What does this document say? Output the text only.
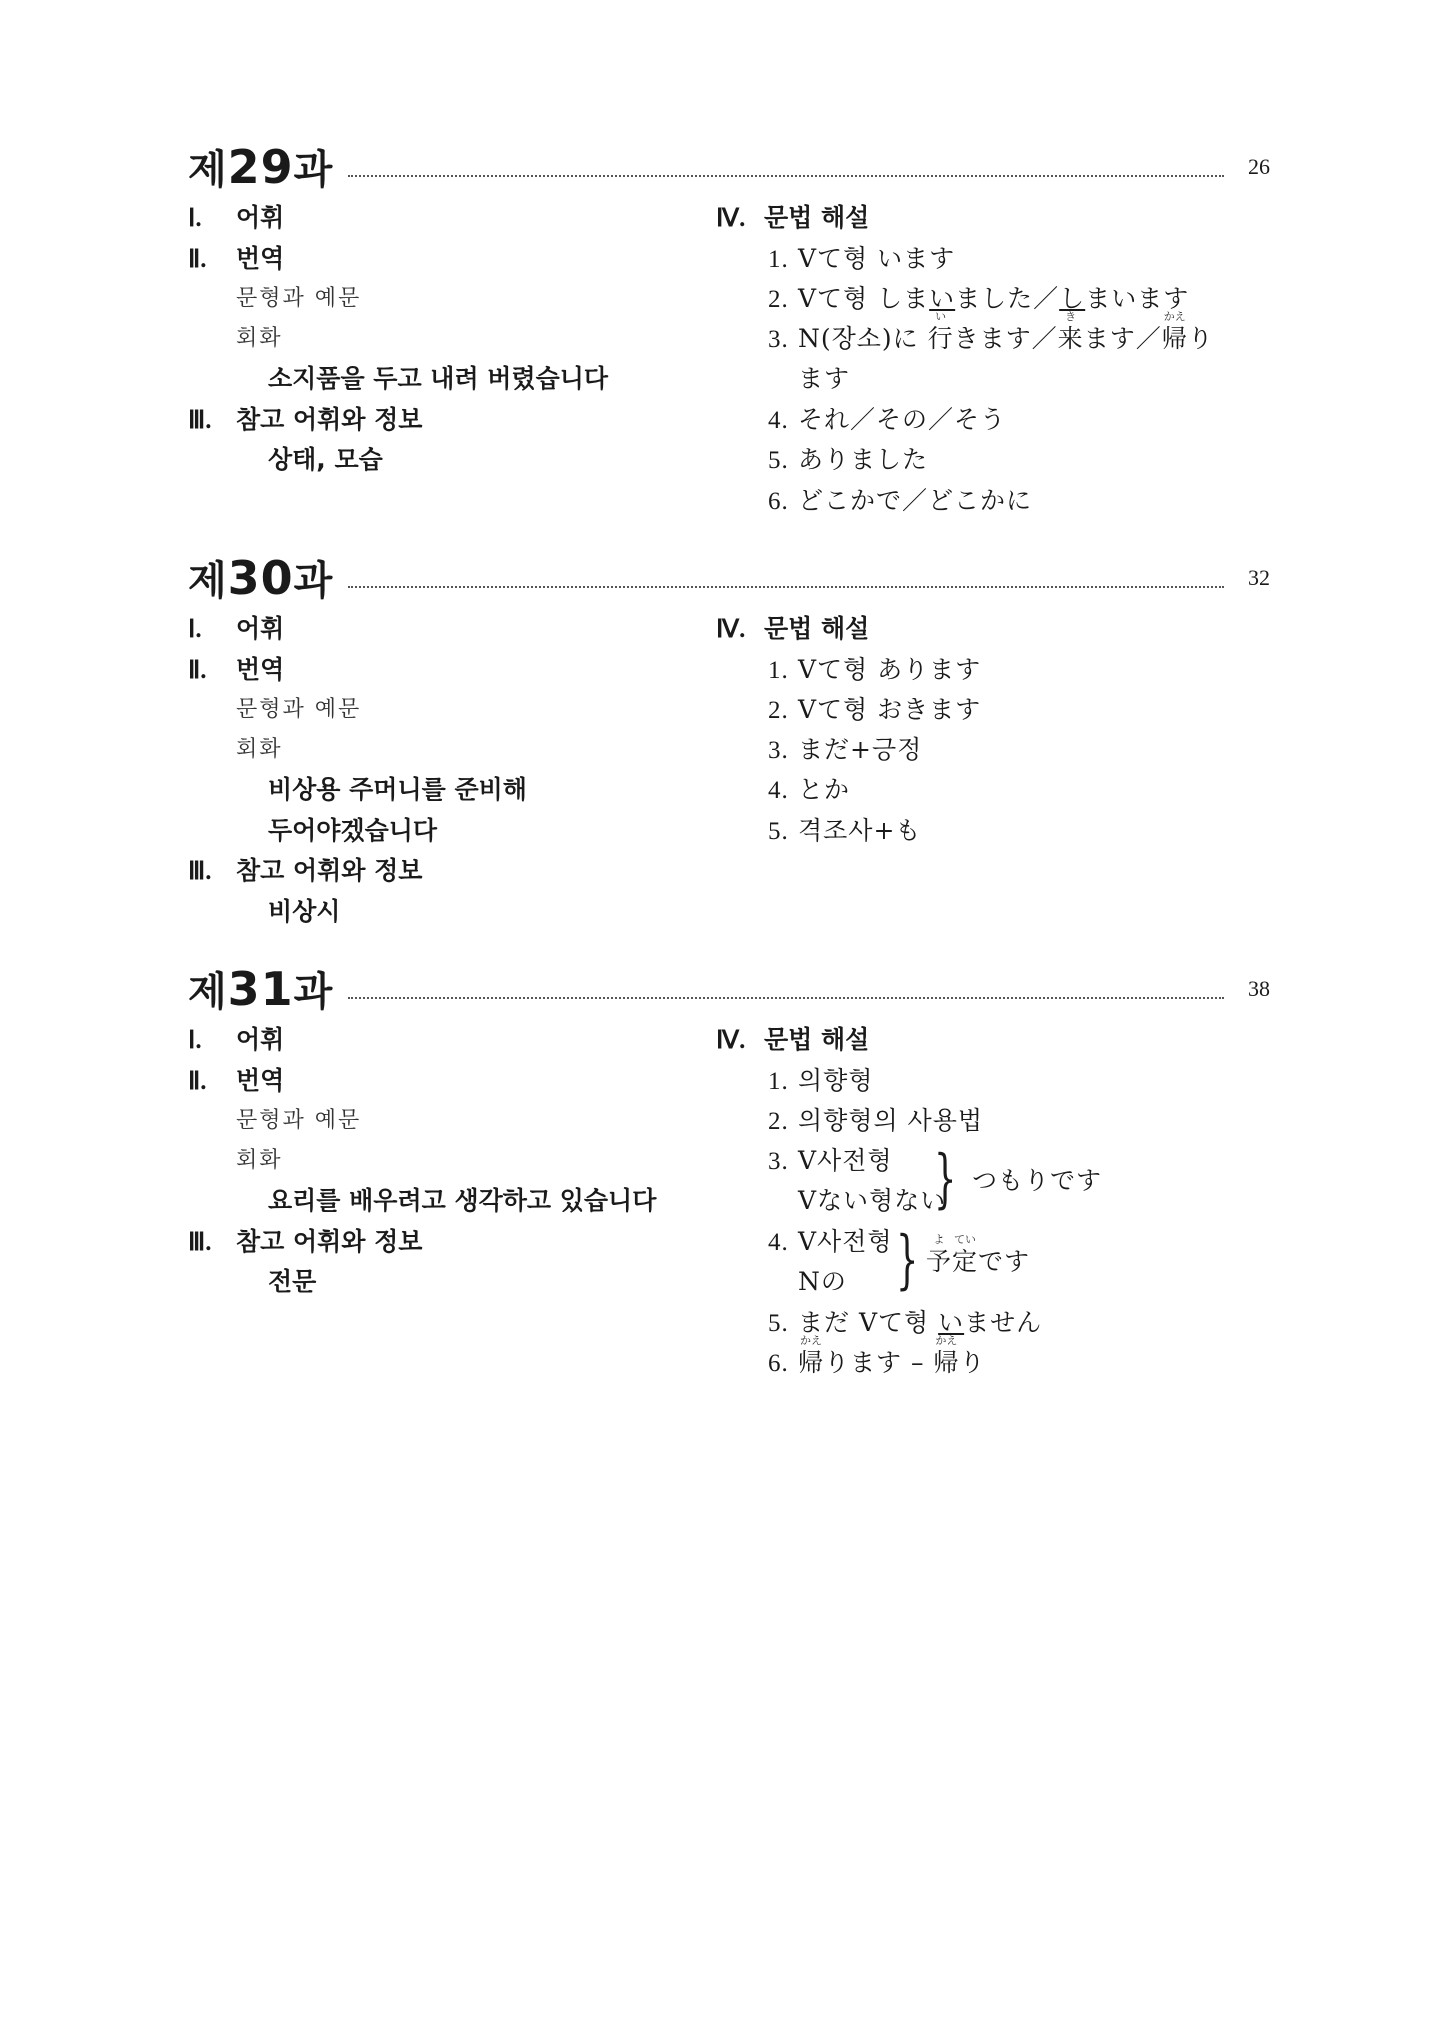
제29과	26
Ⅰ. 어휘
Ⅱ. 번역
문형과 예문
회화
소지품을 두고 내려 버렸습니다
Ⅲ. 참고 어휘와 정보
상태, 모습
Ⅳ. 문법 해설
1. Vて형 います
2. Vて형 しまいました／しまいます
3. N(장소)に
い
行きます／
き
来ます／
かえ
帰り
ます
4. それ／その／そう
5. ありました
6. どこかで／どこかに
제30과	32
Ⅰ. 어휘
Ⅱ. 번역
문형과 예문
회화
비상용 주머니를 준비해
두어야겠습니다
Ⅲ. 참고 어휘와 정보
비상시
Ⅳ. 문법 해설
1. Vて형 あります
2. Vて형 おきます
3. まだ+긍정
4. とか
5. 격조사+も
제31과	38
Ⅰ. 어휘
Ⅱ. 번역
문형과 예문
회화
요리를 배우려고 생각하고 있습니다
Ⅲ. 참고 어휘와 정보
전문
Ⅳ. 문법 해설
1. 의향형
2. 의향형의 사용법
3. V사전형
Vない형ない
} つもりです
4. V사전형
Nの } よ
予
てい
定です
5. まだ Vて형 いません
6.
かえ
帰ります –
かえ
帰り
